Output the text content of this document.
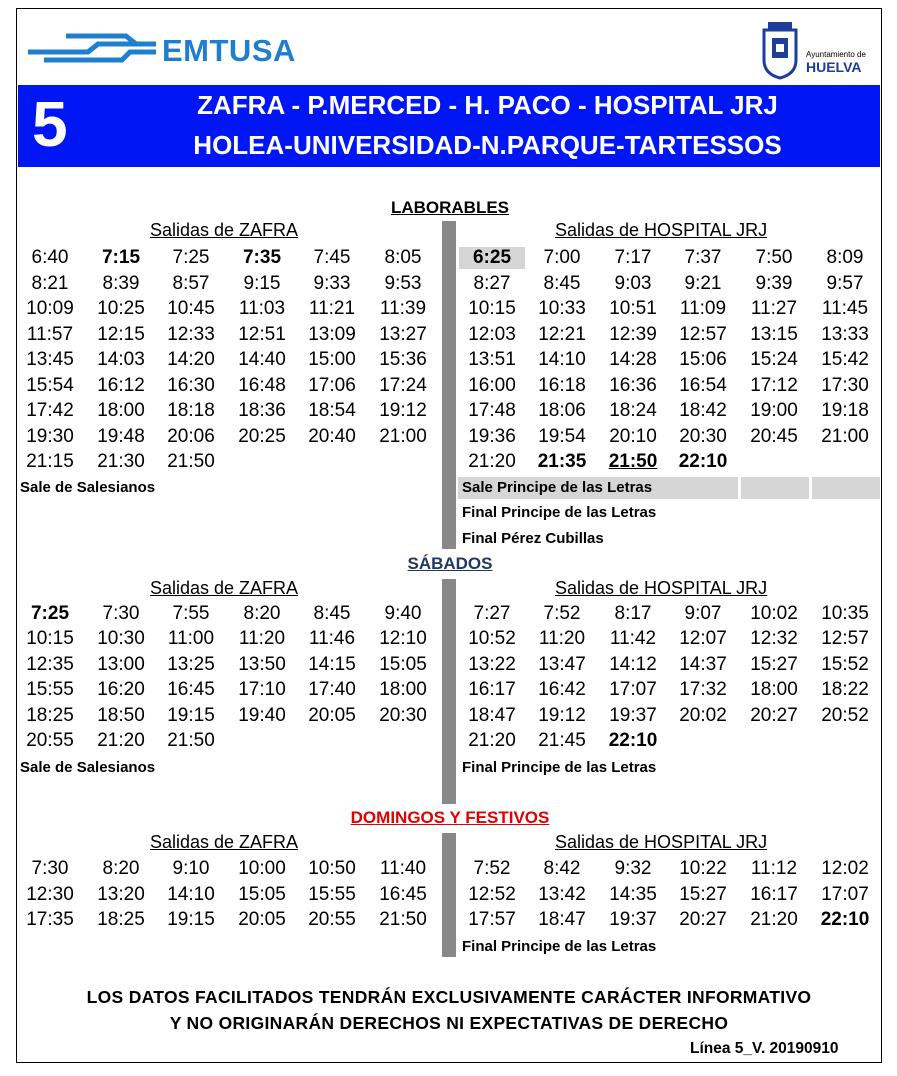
EMTUSA	Ayuntamiento de
HUELVA
5	ZAFRA - P.MERCED - H. PACO - HOSPITAL JRJ
HOLEA-UNIVERSIDAD-N.PARQUE-TARTESSOS
LABORABLES
Salidas de ZAFRA	Salidas de HOSPITAL JRJ
6:40	7:15	7:25	7:35	7:45	8:05
8:21	8:39	8:57	9:15	9:33	9:53
10:09	10:25	10:45	11:03	11:21	11:39
11:57	12:15	12:33	12:51	13:09	13:27
13:45	14:03	14:20	14:40	15:00	15:36
15:54	16:12	16:30	16:48	17:06	17:24
17:42	18:00	18:18	18:36	18:54	19:12
19:30	19:48	20:06	20:25	20:40	21:00
21:15	21:30	21:50
6:25	7:00	7:17	7:37	7:50	8:09
8:27	8:45	9:03	9:21	9:39	9:57
10:15	10:33	10:51	11:09	11:27	11:45
12:03	12:21	12:39	12:57	13:15	13:33
13:51	14:10	14:28	15:06	15:24	15:42
16:00	16:18	16:36	16:54	17:12	17:30
17:48	18:06	18:24	18:42	19:00	19:18
19:36	19:54	20:10	20:30	20:45	21:00
21:20	21:35	21:50	22:10
Sale de Salesianos	Sale Principe de las Letras
Final Principe de las Letras
Final Pérez Cubillas
SÁBADOS
Salidas de ZAFRA	Salidas de HOSPITAL JRJ
7:25	7:30	7:55	8:20	8:45	9:40
10:15	10:30	11:00	11:20	11:46	12:10
12:35	13:00	13:25	13:50	14:15	15:05
15:55	16:20	16:45	17:10	17:40	18:00
18:25	18:50	19:15	19:40	20:05	20:30
20:55	21:20	21:50
7:27	7:52	8:17	9:07	10:02	10:35
10:52	11:20	11:42	12:07	12:32	12:57
13:22	13:47	14:12	14:37	15:27	15:52
16:17	16:42	17:07	17:32	18:00	18:22
18:47	19:12	19:37	20:02	20:27	20:52
21:20	21:45	22:10
Sale de Salesianos	Final Principe de las Letras
DOMINGOS Y FESTIVOS
Salidas de ZAFRA	Salidas de HOSPITAL JRJ
7:30	8:20	9:10	10:00	10:50	11:40
12:30	13:20	14:10	15:05	15:55	16:45
17:35	18:25	19:15	20:05	20:55	21:50
7:52	8:42	9:32	10:22	11:12	12:02
12:52	13:42	14:35	15:27	16:17	17:07
17:57	18:47	19:37	20:27	21:20	22:10
Final Principe de las Letras
LOS DATOS FACILITADOS TENDRÁN EXCLUSIVAMENTE CARÁCTER INFORMATIVO
Y NO ORIGINARÁN DERECHOS NI EXPECTATIVAS DE DERECHO
Línea 5_V. 20190910
